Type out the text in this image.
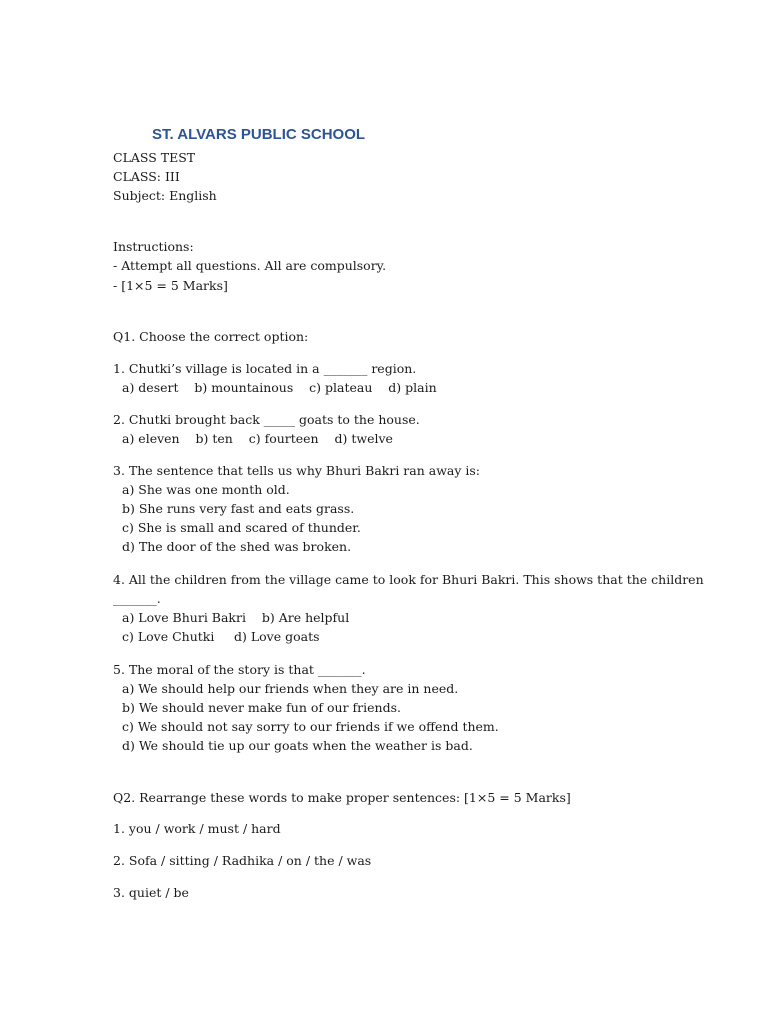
ST. ALVARS PUBLIC SCHOOL
CLASS TEST
CLASS: III
Subject: English
Instructions:
- Attempt all questions. All are compulsory.
- [1×5 = 5 Marks]
Q1. Choose the correct option:
1. Chutki’s village is located in a _______ region.
a) desert    b) mountainous    c) plateau    d) plain
2. Chutki brought back _____ goats to the house.
a) eleven    b) ten    c) fourteen    d) twelve
3. The sentence that tells us why Bhuri Bakri ran away is:
a) She was one month old.
b) She runs very fast and eats grass.
c) She is small and scared of thunder.
d) The door of the shed was broken.
4. All the children from the village came to look for Bhuri Bakri. This shows that the children
_______.
a) Love Bhuri Bakri    b) Are helpful
c) Love Chutki d) Love goats
5. The moral of the story is that _______.
a) We should help our friends when they are in need.
b) We should never make fun of our friends.
c) We should not say sorry to our friends if we offend them.
d) We should tie up our goats when the weather is bad.
Q2. Rearrange these words to make proper sentences: [1×5 = 5 Marks]
1. you / work / must / hard
2. Sofa / sitting / Radhika / on / the / was
3. quiet / be
